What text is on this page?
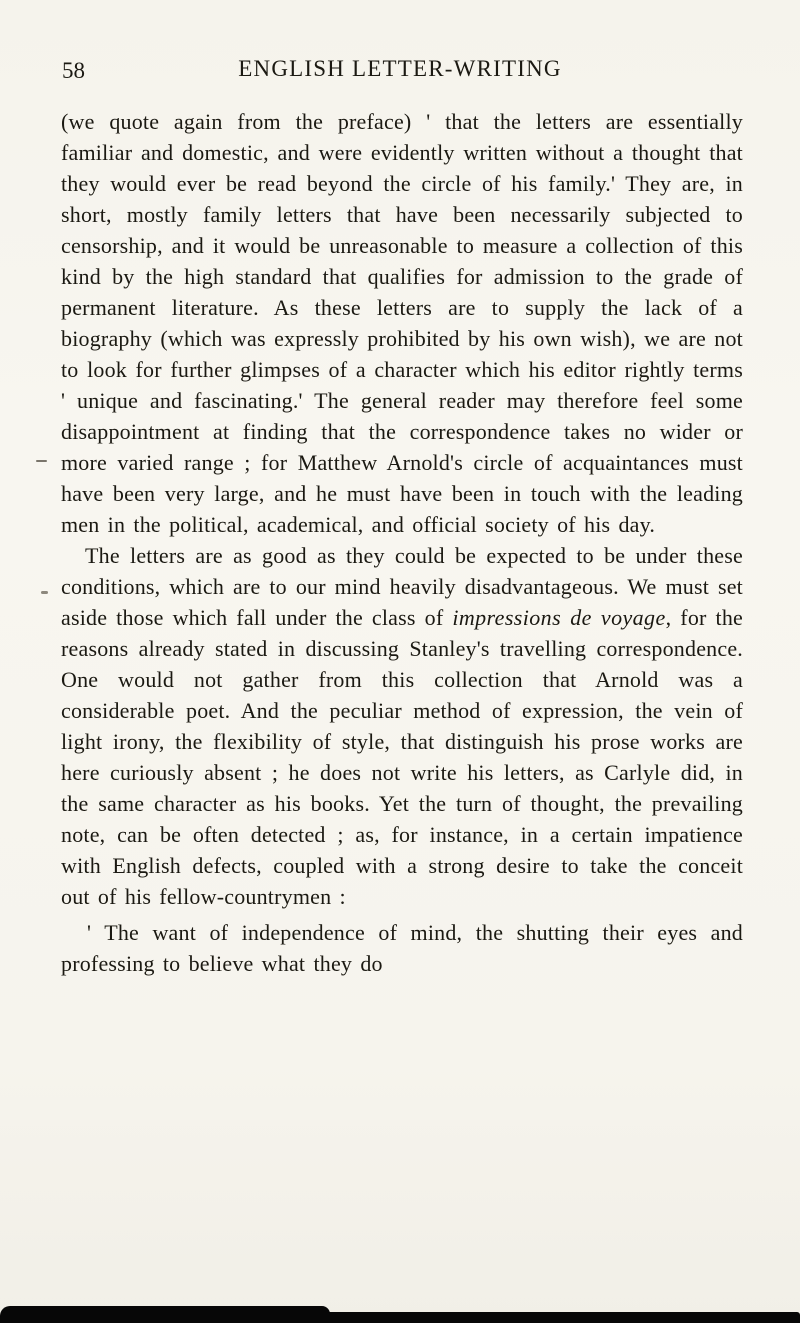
58	ENGLISH LETTER-WRITING

(we quote again from the preface) ' that the letters are essentially familiar and domestic, and were evidently written without a thought that they would ever be read beyond the circle of his family.' They are, in short, mostly family letters that have been necessarily subjected to censorship, and it would be unreasonable to measure a collection of this kind by the high standard that qualifies for admission to the grade of permanent literature. As these letters are to supply the lack of a biography (which was expressly prohibited by his own wish), we are not to look for further glimpses of a character which his editor rightly terms ' unique and fascinating.' The general reader may therefore feel some disappointment at finding that the correspondence takes no wider or more varied range ; for Matthew Arnold's circle of acquaintances must have been very large, and he must have been in touch with the leading men in the political, academical, and official society of his day.

The letters are as good as they could be expected to be under these conditions, which are to our mind heavily disadvantageous. We must set aside those which fall under the class of impressions de voyage, for the reasons already stated in discussing Stanley's travelling correspondence. One would not gather from this collection that Arnold was a considerable poet. And the peculiar method of expression, the vein of light irony, the flexibility of style, that distinguish his prose works are here curiously absent ; he does not write his letters, as Carlyle did, in the same character as his books. Yet the turn of thought, the prevailing note, can be often detected ; as, for instance, in a certain impatience with English defects, coupled with a strong desire to take the conceit out of his fellow-countrymen :

' The want of independence of mind, the shutting their eyes and professing to believe what they do
